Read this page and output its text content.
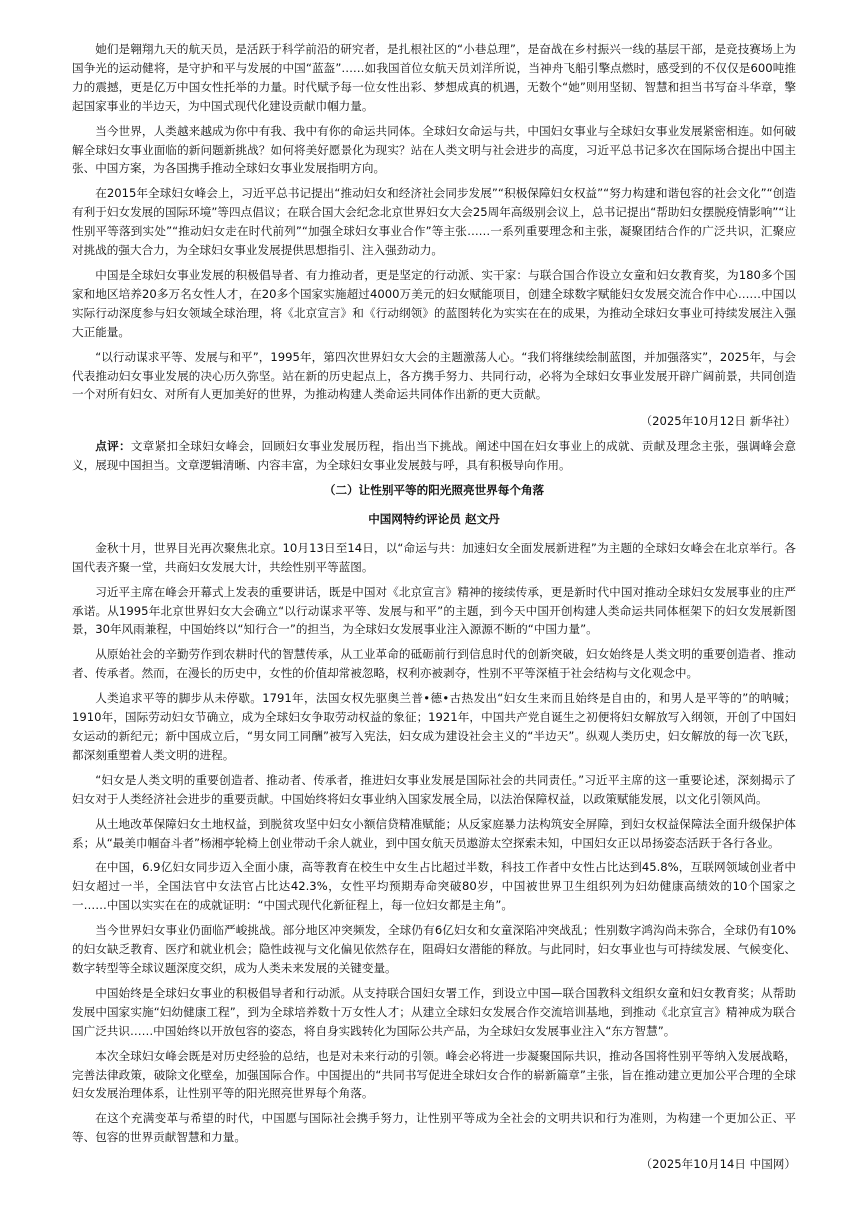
她们是翱翔九天的航天员，是活跃于科学前沿的研究者，是扎根社区的“小巷总理”，是奋战在乡村振兴一线的基层干部，是竞技赛场上为国争光的运动健将，是守护和平与发展的中国“蓝盔”……如我国首位女航天员刘洋所说，当神舟飞船引擎点燃时，感受到的不仅仅是600吨推力的震撼，更是亿万中国女性托举的力量。时代赋予每一位女性出彩、梦想成真的机遇，无数个“她”则用坚韧、智慧和担当书写奋斗华章，擎起国家事业的半边天，为中国式现代化建设贡献巾帼力量。

当今世界，人类越来越成为你中有我、我中有你的命运共同体。全球妇女命运与共，中国妇女事业与全球妇女事业发展紧密相连。如何破解全球妇女事业面临的新问题新挑战？如何将美好愿景化为现实？站在人类文明与社会进步的高度，习近平总书记多次在国际场合提出中国主张、中国方案，为各国携手推动全球妇女事业发展指明方向。

在2015年全球妇女峰会上，习近平总书记提出“推动妇女和经济社会同步发展”“积极保障妇女权益”“努力构建和谐包容的社会文化”“创造有利于妇女发展的国际环境”等四点倡议；在联合国大会纪念北京世界妇女大会25周年高级别会议上，总书记提出“帮助妇女摆脱疫情影响”“让性别平等落到实处”“推动妇女走在时代前列”“加强全球妇女事业合作”等主张……一系列重要理念和主张，凝聚团结合作的广泛共识，汇聚应对挑战的强大合力，为全球妇女事业发展提供思想指引、注入强劲动力。

中国是全球妇女事业发展的积极倡导者、有力推动者，更是坚定的行动派、实干家：与联合国合作设立女童和妇女教育奖，为180多个国家和地区培养20多万名女性人才，在20多个国家实施超过4000万美元的妇女赋能项目，创建全球数字赋能妇女发展交流合作中心……中国以实际行动深度参与妇女领域全球治理，将《北京宣言》和《行动纲领》的蓝图转化为实实在在的成果，为推动全球妇女事业可持续发展注入强大正能量。

“以行动谋求平等、发展与和平”，1995年，第四次世界妇女大会的主题激荡人心。“我们将继续绘制蓝图，并加强落实”，2025年，与会代表推动妇女事业发展的决心历久弥坚。站在新的历史起点上，各方携手努力、共同行动，必将为全球妇女事业发展开辟广阔前景，共同创造一个对所有妇女、对所有人更加美好的世界，为推动构建人类命运共同体作出新的更大贡献。

（2025年10月12日 新华社）

点评：文章紧扣全球妇女峰会，回顾妇女事业发展历程，指出当下挑战。阐述中国在妇女事业上的成就、贡献及理念主张，强调峰会意义，展现中国担当。文章逻辑清晰、内容丰富，为全球妇女事业发展鼓与呼，具有积极导向作用。

（二）让性别平等的阳光照亮世界每个角落

中国网特约评论员 赵文丹

金秋十月，世界目光再次聚焦北京。10月13日至14日，以“命运与共：加速妇女全面发展新进程”为主题的全球妇女峰会在北京举行。各国代表齐聚一堂，共商妇女发展大计，共绘性别平等蓝图。

习近平主席在峰会开幕式上发表的重要讲话，既是中国对《北京宣言》精神的接续传承，更是新时代中国对推动全球妇女发展事业的庄严承诺。从1995年北京世界妇女大会确立“以行动谋求平等、发展与和平”的主题，到今天中国开创构建人类命运共同体框架下的妇女发展新图景，30年风雨兼程，中国始终以“知行合一”的担当，为全球妇女发展事业注入源源不断的“中国力量”。

从原始社会的辛勤劳作到农耕时代的智慧传承，从工业革命的砥砺前行到信息时代的创新突破，妇女始终是人类文明的重要创造者、推动者、传承者。然而，在漫长的历史中，女性的价值却常被忽略，权利亦被剥夺，性别不平等深植于社会结构与文化观念中。

人类追求平等的脚步从未停歇。1791年，法国女权先驱奥兰普•德•古热发出“妇女生来而且始终是自由的，和男人是平等的”的呐喊；1910年，国际劳动妇女节确立，成为全球妇女争取劳动权益的象征；1921年，中国共产党自诞生之初便将妇女解放写入纲领，开创了中国妇女运动的新纪元；新中国成立后，“男女同工同酬”被写入宪法，妇女成为建设社会主义的“半边天”。纵观人类历史，妇女解放的每一次飞跃，都深刻重塑着人类文明的进程。

“妇女是人类文明的重要创造者、推动者、传承者，推进妇女事业发展是国际社会的共同责任。”习近平主席的这一重要论述，深刻揭示了妇女对于人类经济社会进步的重要贡献。中国始终将妇女事业纳入国家发展全局，以法治保障权益，以政策赋能发展，以文化引领风尚。

从土地改革保障妇女土地权益，到脱贫攻坚中妇女小额信贷精准赋能；从反家庭暴力法构筑安全屏障，到妇女权益保障法全面升级保护体系；从“最美巾帼奋斗者”杨湘亭轮椅上创业带动千余人就业，到中国女航天员遨游太空探索未知，中国妇女正以昂扬姿态活跃于各行各业。

在中国，6.9亿妇女同步迈入全面小康，高等教育在校生中女生占比超过半数，科技工作者中女性占比达到45.8%，互联网领域创业者中妇女超过一半，全国法官中女法官占比达42.3%，女性平均预期寿命突破80岁，中国被世界卫生组织列为妇幼健康高绩效的10个国家之一……中国以实实在在的成就证明：“中国式现代化新征程上，每一位妇女都是主角”。

当今世界妇女事业仍面临严峻挑战。部分地区冲突频发，全球仍有6亿妇女和女童深陷冲突战乱；性别数字鸿沟尚未弥合，全球仍有10%的妇女缺乏教育、医疗和就业机会；隐性歧视与文化偏见依然存在，阻碍妇女潜能的释放。与此同时，妇女事业也与可持续发展、气候变化、数字转型等全球议题深度交织，成为人类未来发展的关键变量。

中国始终是全球妇女事业的积极倡导者和行动派。从支持联合国妇女署工作，到设立中国—联合国教科文组织女童和妇女教育奖；从帮助发展中国家实施“妇幼健康工程”，到为全球培养数十万女性人才；从建立全球妇女发展合作交流培训基地，到推动《北京宣言》精神成为联合国广泛共识……中国始终以开放包容的姿态，将自身实践转化为国际公共产品，为全球妇女发展事业注入“东方智慧”。

本次全球妇女峰会既是对历史经验的总结，也是对未来行动的引领。峰会必将进一步凝聚国际共识，推动各国将性别平等纳入发展战略，完善法律政策，破除文化壁垒，加强国际合作。中国提出的“共同书写促进全球妇女合作的崭新篇章”主张，旨在推动建立更加公平合理的全球妇女发展治理体系，让性别平等的阳光照亮世界每个角落。

在这个充满变革与希望的时代，中国愿与国际社会携手努力，让性别平等成为全社会的文明共识和行为准则，为构建一个更加公正、平等、包容的世界贡献智慧和力量。

（2025年10月14日 中国网）
